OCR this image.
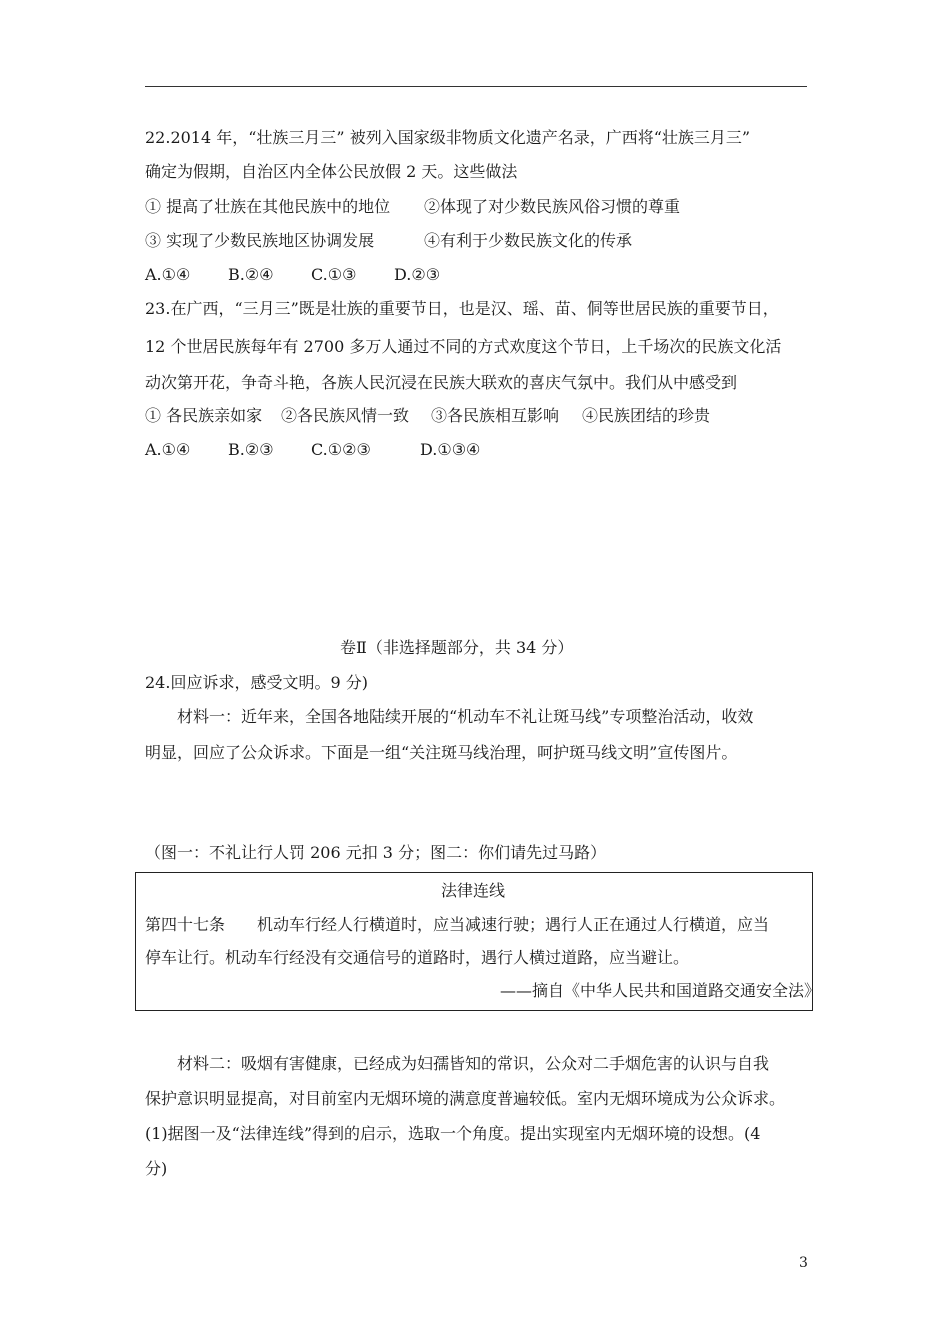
22.2014 年，“壮族三月三” 被列入国家级非物质文化遗产名录，广西将“壮族三月三”
确定为假期，自治区内全体公民放假 2 天。这些做法
① 提高了壮族在其他民族中的地位 ②体现了对少数民族风俗习惯的尊重
③ 实现了少数民族地区协调发展	④有利于少数民族文化的传承
A.①④ B.②④ C.①③ D.②③
23.在广西，“三月三”既是壮族的重要节日，也是汉、瑶、苗、侗等世居民族的重要节日，
12 个世居民族每年有 2700 多万人通过不同的方式欢度这个节日，上千场次的民族文化活
动次第开花，争奇斗艳，各族人民沉浸在民族大联欢的喜庆气氛中。我们从中感受到
① 各民族亲如家 ②各民族风情一致 ③各民族相互影响 ④民族团结的珍贵
A.①④ B.②③ C.①②③	D.①③④
卷Ⅱ（非选择题部分，共 34 分）
24.回应诉求，感受文明。9 分)
材料一：近年来，全国各地陆续开展的“机动车不礼让斑马线”专项整治活动，收效
明显，回应了公众诉求。下面是一组“关注斑马线治理，呵护斑马线文明”宣传图片。
（图一：不礼让行人罚 206 元扣 3 分；图二：你们请先过马路）
法律连线
第四十七条　　机动车行经人行横道时，应当减速行驶；遇行人正在通过人行横道，应当
停车让行。机动车行经没有交通信号的道路时，遇行人横过道路，应当避让。
——摘自《中华人民共和国道路交通安全法》
材料二：吸烟有害健康，已经成为妇孺皆知的常识，公众对二手烟危害的认识与自我
保护意识明显提高，对目前室内无烟环境的满意度普遍较低。室内无烟环境成为公众诉求。
(1)据图一及“法律连线”得到的启示，选取一个角度。提出实现室内无烟环境的设想。(4
分)
3
